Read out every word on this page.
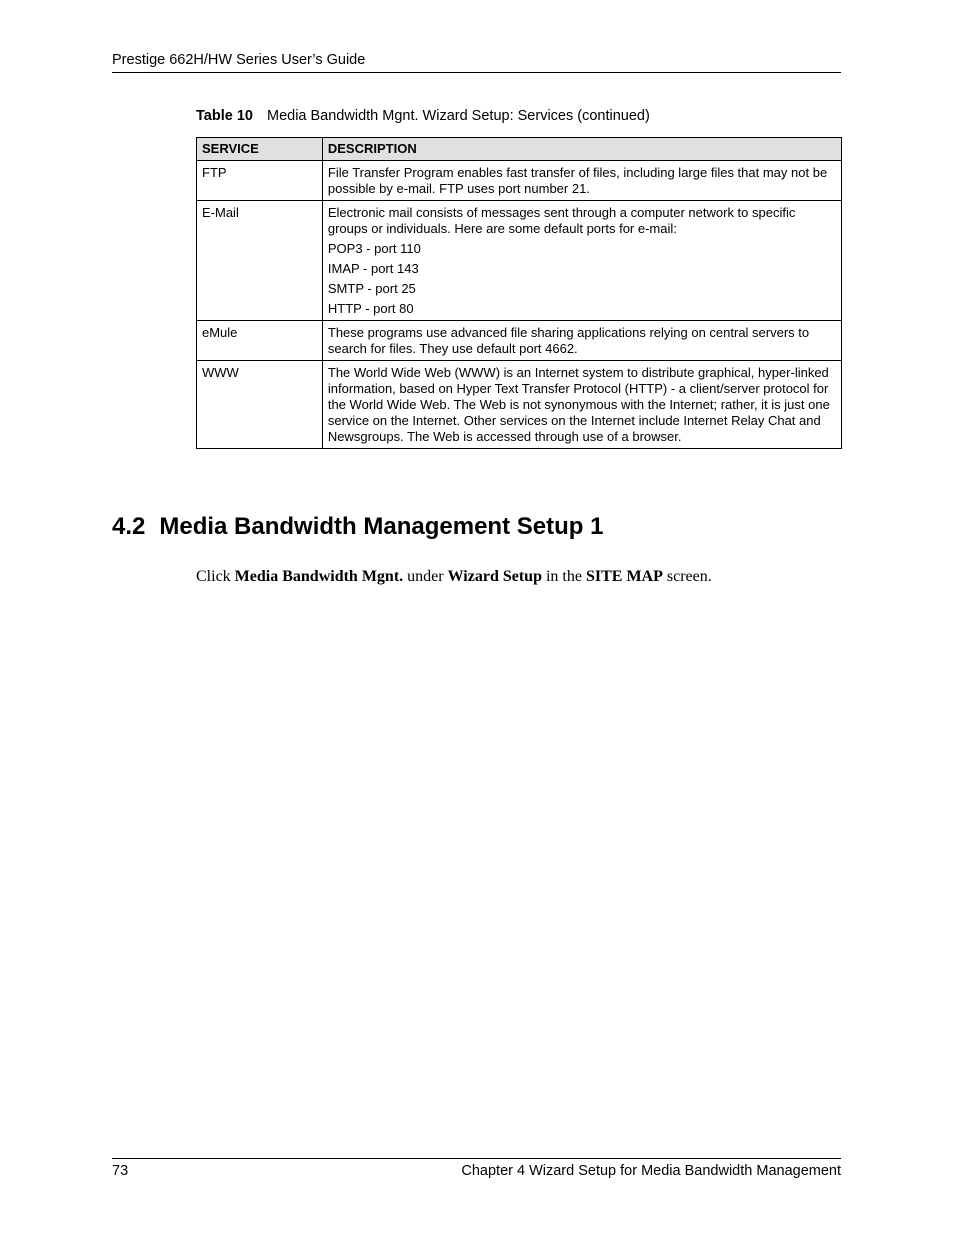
Prestige 662H/HW Series User’s Guide
Table 10 Media Bandwidth Mgnt. Wizard Setup: Services (continued)
SERVICE	DESCRIPTION
FTP	File Transfer Program enables fast transfer of files, including large files that may not be possible by e-mail. FTP uses port number 21.

E-Mail	Electronic mail consists of messages sent through a computer network to specific groups or individuals. Here are some default ports for e-mail:

POP3 - port 110

IMAP - port 143

SMTP - port 25

HTTP - port 80

eMule	These programs use advanced file sharing applications relying on central servers to search for files. They use default port 4662.

WWW	The World Wide Web (WWW) is an Internet system to distribute graphical, hyper-linked information, based on Hyper Text Transfer Protocol (HTTP) - a client/server protocol for the World Wide Web. The Web is not synonymous with the Internet; rather, it is just one service on the Internet. Other services on the Internet include Internet Relay Chat and Newsgroups. The Web is accessed through use of a browser.

4.2 Media Bandwidth Management Setup 1
Click Media Bandwidth Mgnt. under Wizard Setup in the SITE MAP screen.
73	Chapter 4 Wizard Setup for Media Bandwidth Management
